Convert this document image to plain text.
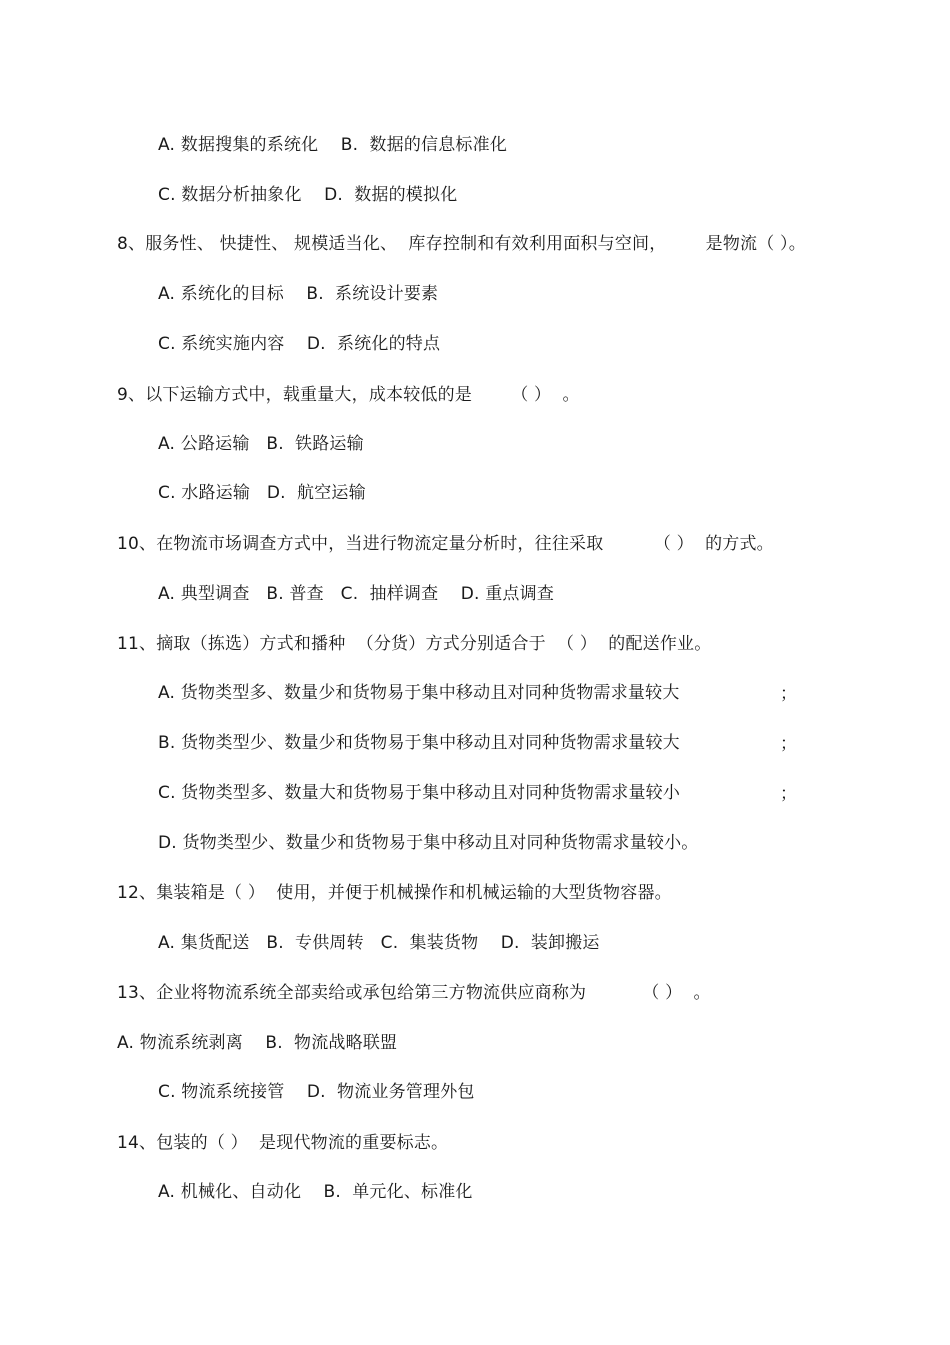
A. 数据搜集的系统化    B.  数据的信息标准化
C. 数据分析抽象化    D.  数据的模拟化
8、服务性、 快捷性、 规模适当化、  库存控制和有效利用面积与空间，       是物流（ ）。
A. 系统化的目标    B.  系统设计要素
C. 系统实施内容    D.  系统化的特点
9、以下运输方式中，载重量大，成本较低的是       （ ）  。
A. 公路运输   B.  铁路运输
C. 水路运输   D.  航空运输
10、在物流市场调查方式中，当进行物流定量分析时，往往采取         （ ）  的方式。
A. 典型调查   B. 普查   C.  抽样调查    D. 重点调查
11、摘取（拣选）方式和播种  （分货）方式分别适合于  （ ）  的配送作业。
A. 货物类型多、数量少和货物易于集中移动且对同种货物需求量较大	；
B. 货物类型少、数量少和货物易于集中移动且对同种货物需求量较大	；
C. 货物类型多、数量大和货物易于集中移动且对同种货物需求量较小	；
D. 货物类型少、数量少和货物易于集中移动且对同种货物需求量较小。
12、集装箱是（ ）  使用，并便于机械操作和机械运输的大型货物容器。
A. 集货配送   B.  专供周转   C.  集装货物    D.  装卸搬运
13、企业将物流系统全部卖给或承包给第三方物流供应商称为          （ ）  。
A. 物流系统剥离    B.  物流战略联盟
C. 物流系统接管    D.  物流业务管理外包
14、包装的（ ）  是现代物流的重要标志。
A. 机械化、自动化    B.  单元化、标准化
